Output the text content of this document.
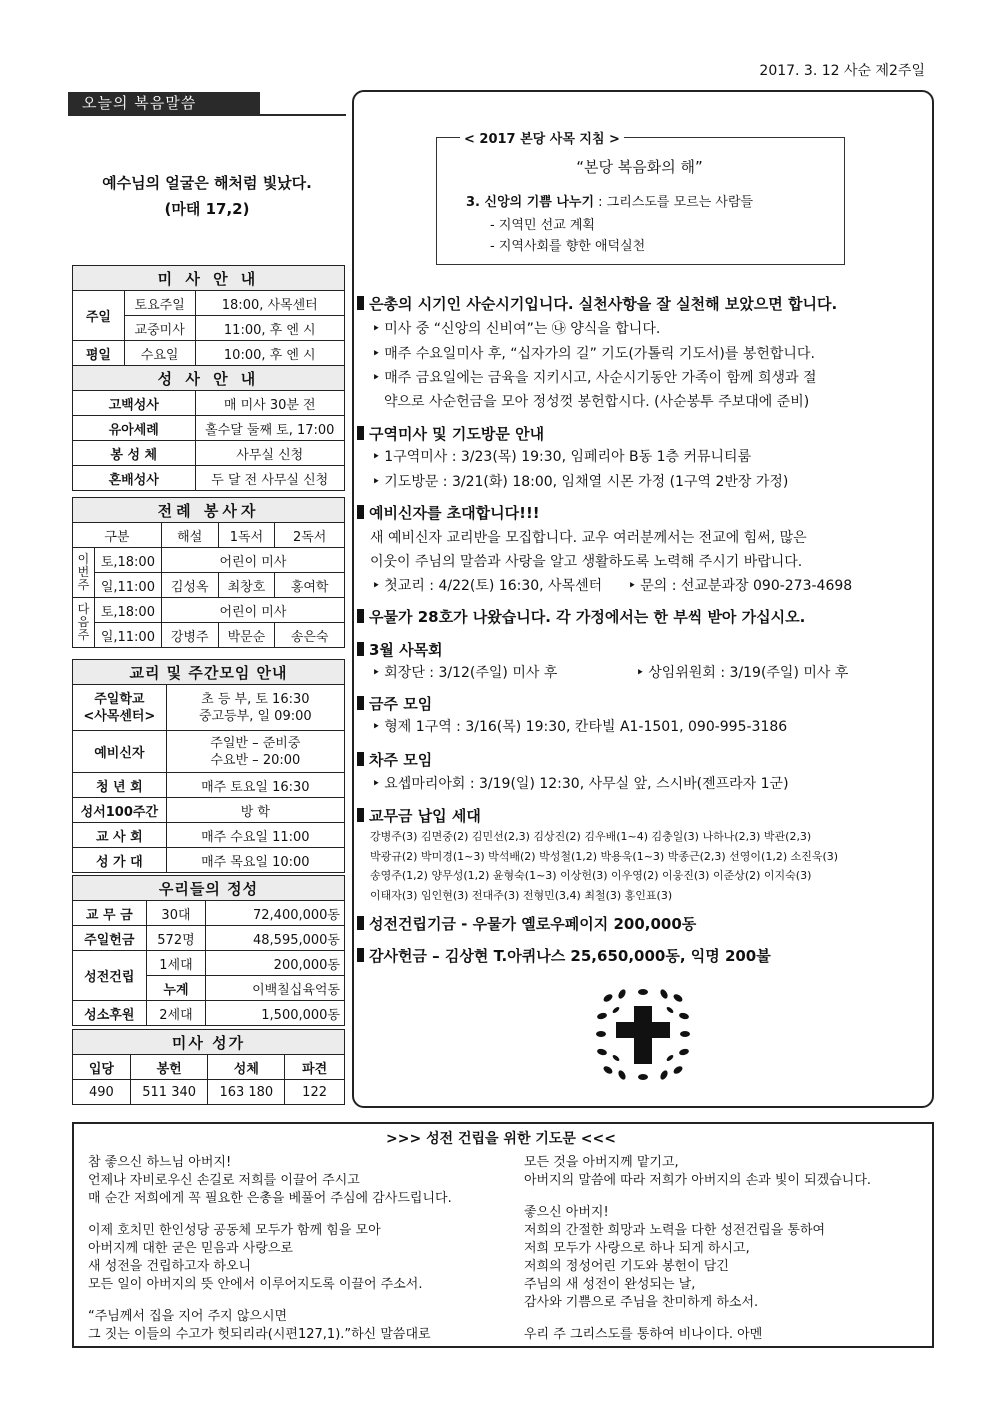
2017. 3. 12 사순 제2주일
오늘의 복음말씀
예수님의 얼굴은 해처럼 빛났다.
(마태 17,2)
미 사 안 내		
주일	토요주일	18:00, 사목센터
	교중미사	11:00, 후 엔 시
평일	수요일	10:00, 후 엔 시
성 사 안 내		
고백성사		매 미사 30분 전
유아세례		홀수달 둘째 토, 17:00
봉 성 체		사무실 신청
혼배성사		두 달 전 사무실 신청
전례 봉사자				
구분		해설	1독서	2독서
이번주	토,18:00	어린이 미사		
	일,11:00	김성옥	최창호	홍여학
다음주	토,18:00	어린이 미사		
	일,11:00	강병주	박문순	송은숙
교리 및 주간모임 안내	
주일학교
<사목센터>	초 등 부, 토 16:30
중고등부, 일 09:00
예비신자	주일반 – 준비중
수요반 – 20:00
청 년 회	매주 토요일 16:30
성서100주간	방 학
교 사 회	매주 수요일 11:00
성 가 대	매주 목요일 10:00
우리들의 정성		
교 무 금	30대	72,400,000동
주일헌금	572명	48,595,000동
성전건립	1세대	200,000동
	누계	이백칠십육억동
성소후원	2세대	1,500,000동
미사 성가			
입당	봉헌	성체	파견
490	511 340	163 180	122
< 2017 본당 사목 지침 >
“본당 복음화의 해”
3. 신앙의 기쁨 나누기 : 그리스도를 모르는 사람들
- 지역민 선교 계획
- 지역사회를 향한 애덕실천
은총의 시기인 사순시기입니다. 실천사항을 잘 실천해 보았으면 합니다.
‣ 미사 중 “신앙의 신비여”는 ㉯ 양식을 합니다.
‣ 매주 수요일미사 후, “십자가의 길” 기도(가톨릭 기도서)를 봉헌합니다.
‣ 매주 금요일에는 금육을 지키시고, 사순시기동안 가족이 함께 희생과 절
약으로 사순헌금을 모아 정성껏 봉헌합시다. (사순봉투 주보대에 준비)
구역미사 및 기도방문 안내
‣ 1구역미사 : 3/23(목) 19:30, 임페리아 B동 1층 커뮤니티룸
‣ 기도방문 : 3/21(화) 18:00, 임채열 시몬 가정 (1구역 2반장 가정)
예비신자를 초대합니다!!!
새 예비신자 교리반을 모집합니다. 교우 여러분께서는 전교에 힘써, 많은
이웃이 주님의 말씀과 사랑을 알고 생활하도록 노력해 주시기 바랍니다.
‣ 첫교리 : 4/22(토) 16:30, 사목센터	‣ 문의 : 선교분과장 090-273-4698
우물가 28호가 나왔습니다. 각 가정에서는 한 부씩 받아 가십시오.
3월 사목회
‣ 회장단 : 3/12(주일) 미사 후	‣ 상임위원회 : 3/19(주일) 미사 후
금주 모임
‣ 형제 1구역 : 3/16(목) 19:30, 칸타빌 A1-1501, 090-995-3186
차주 모임
‣ 요셉마리아회 : 3/19(일) 12:30, 사무실 앞, 스시바(젠프라자 1군)
교무금 납입 세대
강병주(3) 김면중(2) 김민선(2,3) 김상진(2) 김우배(1~4) 김충일(3) 나하나(2,3) 박관(2,3)
박광규(2) 박미경(1~3) 박석배(2) 박성철(1,2) 박용욱(1~3) 박종근(2,3) 선영이(1,2) 소진욱(3)
송영주(1,2) 양무성(1,2) 윤형숙(1~3) 이상헌(3) 이우영(2) 이웅진(3) 이준상(2) 이지숙(3)
이태자(3) 임인현(3) 전대주(3) 전형민(3,4) 최철(3) 홍인표(3)
성전건립기금 - 우물가 옐로우페이지 200,000동
감사헌금 – 김상현 T.아퀴나스 25,650,000동, 익명 200불
>>> 성전 건립을 위한 기도문 <<<
참 좋으신 하느님 아버지!
언제나 자비로우신 손길로 저희를 이끌어 주시고
매 순간 저희에게 꼭 필요한 은총을 베풀어 주심에 감사드립니다.
이제 호치민 한인성당 공동체 모두가 함께 힘을 모아
아버지께 대한 굳은 믿음과 사랑으로
새 성전을 건립하고자 하오니
모든 일이 아버지의 뜻 안에서 이루어지도록 이끌어 주소서.
“주님께서 집을 지어 주지 않으시면
그 짓는 이들의 수고가 헛되리라(시편127,1).”하신 말씀대로
모든 것을 아버지께 맡기고,
아버지의 말씀에 따라 저희가 아버지의 손과 빛이 되겠습니다.
좋으신 아버지!
저희의 간절한 희망과 노력을 다한 성전건립을 통하여
저희 모두가 사랑으로 하나 되게 하시고,
저희의 정성어린 기도와 봉헌이 담긴
주님의 새 성전이 완성되는 날,
감사와 기쁨으로 주님을 찬미하게 하소서.
우리 주 그리스도를 통하여 비나이다. 아멘
